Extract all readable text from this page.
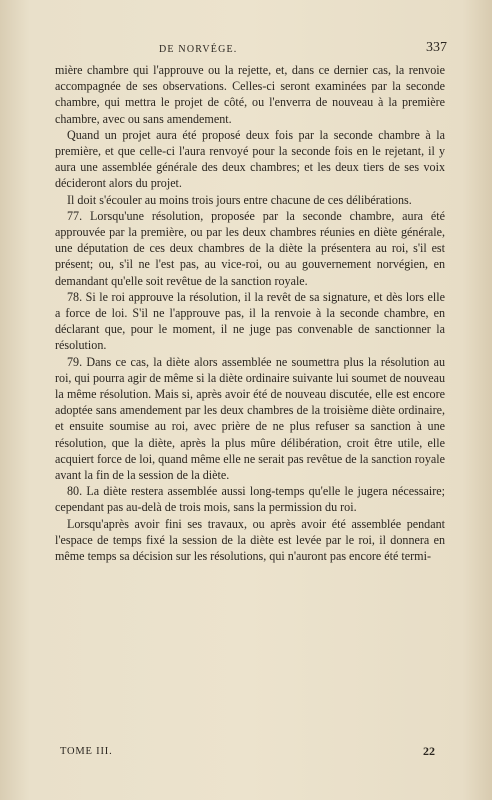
DE NORVÉGE.	337

mière chambre qui l'approuve ou la rejette, et, dans ce dernier cas, la renvoie accompagnée de ses observations. Celles-ci seront examinées par la seconde chambre, qui mettra le projet de côté, ou l'enverra de nouveau à la première chambre, avec ou sans amendement.

Quand un projet aura été proposé deux fois par la seconde chambre à la première, et que celle-ci l'aura renvoyé pour la seconde fois en le rejetant, il y aura une assemblée générale des deux chambres; et les deux tiers de ses voix décideront alors du projet.

Il doit s'écouler au moins trois jours entre chacune de ces délibérations.

77. Lorsqu'une résolution, proposée par la seconde chambre, aura été approuvée par la première, ou par les deux chambres réunies en diète générale, une députation de ces deux chambres de la diète la présentera au roi, s'il est présent; ou, s'il ne l'est pas, au vice-roi, ou au gouvernement norvégien, en demandant qu'elle soit revêtue de la sanction royale.

78. Si le roi approuve la résolution, il la revêt de sa signature, et dès lors elle a force de loi. S'il ne l'approuve pas, il la renvoie à la seconde chambre, en déclarant que, pour le moment, il ne juge pas convenable de sanctionner la résolution.

79. Dans ce cas, la diète alors assemblée ne soumettra plus la résolution au roi, qui pourra agir de même si la diète ordinaire suivante lui soumet de nouveau la même résolution. Mais si, après avoir été de nouveau discutée, elle est encore adoptée sans amendement par les deux chambres de la troisième diète ordinaire, et ensuite soumise au roi, avec prière de ne plus refuser sa sanction à une résolution, que la diète, après la plus mûre délibération, croit être utile, elle acquiert force de loi, quand même elle ne serait pas revêtue de la sanction royale avant la fin de la session de la diète.

80. La diète restera assemblée aussi long-temps qu'elle le jugera nécessaire; cependant pas au-delà de trois mois, sans la permission du roi.

Lorsqu'après avoir fini ses travaux, ou après avoir été assemblée pendant l'espace de temps fixé la session de la diète est levée par le roi, il donnera en même temps sa décision sur les résolutions, qui n'auront pas encore été termi-

TOME III.	22
